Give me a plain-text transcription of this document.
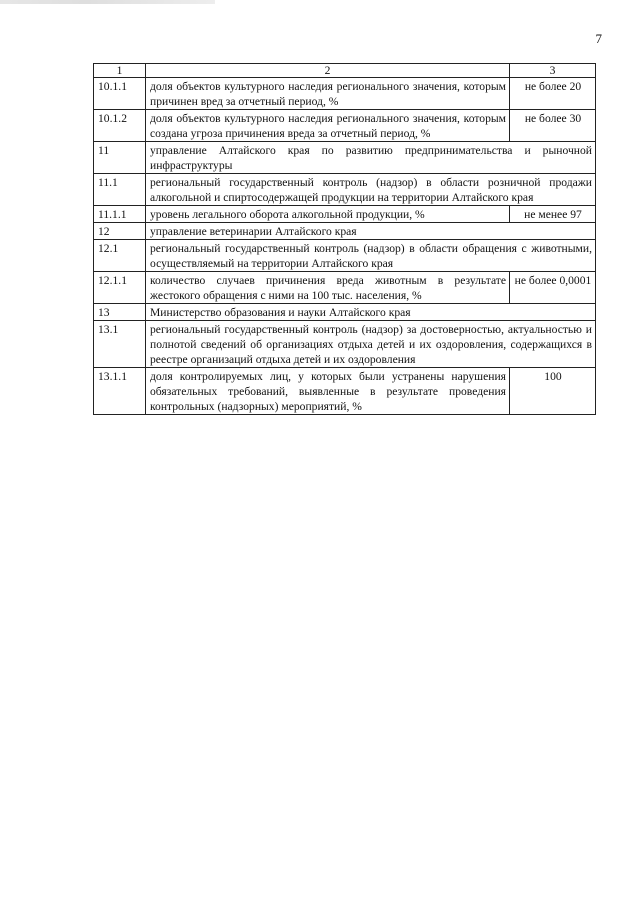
7
1	2	3
10.1.1	доля объектов культурного наследия регионального значения, которым причинен вред за отчетный период, %	не более 20
10.1.2	доля объектов культурного наследия регионального значения, которым создана угроза причинения вреда за отчетный период, %	не более 30
11	управление Алтайского края по развитию предпринимательства и рыночной инфраструктуры	
11.1	региональный государственный контроль (надзор) в области розничной продажи алкогольной и спиртосодержащей продукции на территории Алтайского края	
11.1.1	уровень легального оборота алкогольной продукции, %	не менее 97
12	управление ветеринарии Алтайского края	
12.1	региональный государственный контроль (надзор) в области обращения с животными, осуществляемый на территории Алтайского края	
12.1.1	количество случаев причинения вреда животным в результате жестокого обращения с ними на 100 тыс. населения, %	не более 0,0001
13	Министерство образования и науки Алтайского края	
13.1	региональный государственный контроль (надзор) за достоверностью, актуальностью и полнотой сведений об организациях отдыха детей и их оздоровления, содержащихся в реестре организаций отдыха детей и их оздоровления	
13.1.1	доля контролируемых лиц, у которых были устранены нарушения обязательных требований, выявленные в результате проведения контрольных (надзорных) мероприятий, %	100
